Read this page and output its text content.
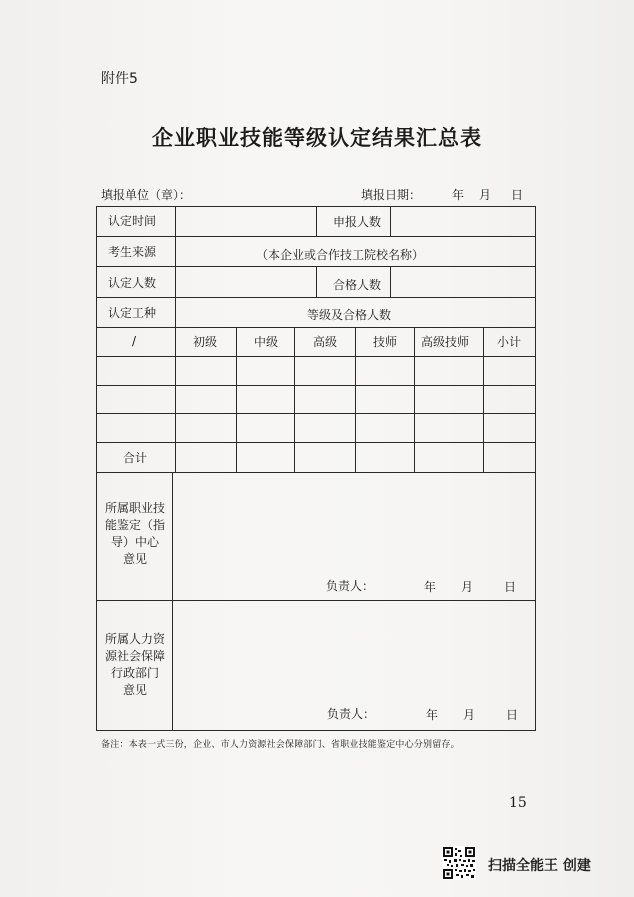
附件5
企业职业技能等级认定结果汇总表
填报单位（章）：	填报日期：	年 月 日
认定时间	申报人数
考生来源	（本企业或合作技工院校名称）
认定人数	合格人数
认定工种	等级及合格人数
/	初级	中级	高级	技师 高级技师 小计
合计
所属职业技
能鉴定（指
导）中心
意见
负责人：	年 月	日
所属人力资
源社会保障
行政部门
意见
负责人：	年 月	日
备注：本表一式三份，企业、市人力资源社会保障部门、省职业技能鉴定中心分别留存。
15
扫描全能王 创建
